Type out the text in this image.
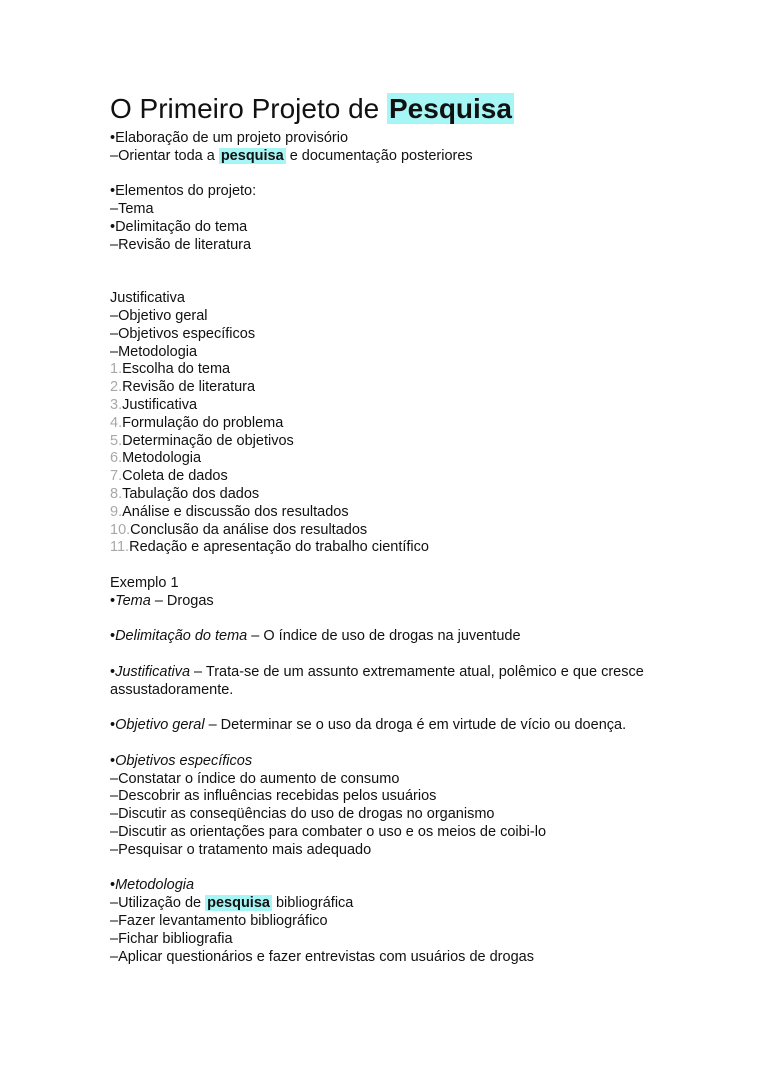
O Primeiro Projeto de Pesquisa
•Elaboração de um projeto provisório
–Orientar toda a pesquisa e documentação posteriores
•Elementos do projeto:
–Tema
•Delimitação do tema
–Revisão de literatura
Justificativa
–Objetivo geral
–Objetivos específicos
–Metodologia
1.Escolha do tema
2.Revisão de literatura
3.Justificativa
4.Formulação do problema
5.Determinação de objetivos
6.Metodologia
7.Coleta de dados
8.Tabulação dos dados
9.Análise e discussão dos resultados
10.Conclusão da análise dos resultados
11.Redação e apresentação do trabalho científico
Exemplo 1
•Tema – Drogas
•Delimitação do tema – O índice de uso de drogas na juventude
•Justificativa – Trata-se de um assunto extremamente atual, polêmico e que cresce assustadoramente.
•Objetivo geral – Determinar se o uso da droga é em virtude de vício ou doença.
•Objetivos específicos
–Constatar o índice do aumento de consumo
–Descobrir as influências recebidas pelos usuários
–Discutir as conseqüências do uso de drogas no organismo
–Discutir as orientações para combater o uso e os meios de coibi-lo
–Pesquisar o tratamento mais adequado
•Metodologia
–Utilização de pesquisa bibliográfica
–Fazer levantamento bibliográfico
–Fichar bibliografia
–Aplicar questionários e fazer entrevistas com usuários de drogas
